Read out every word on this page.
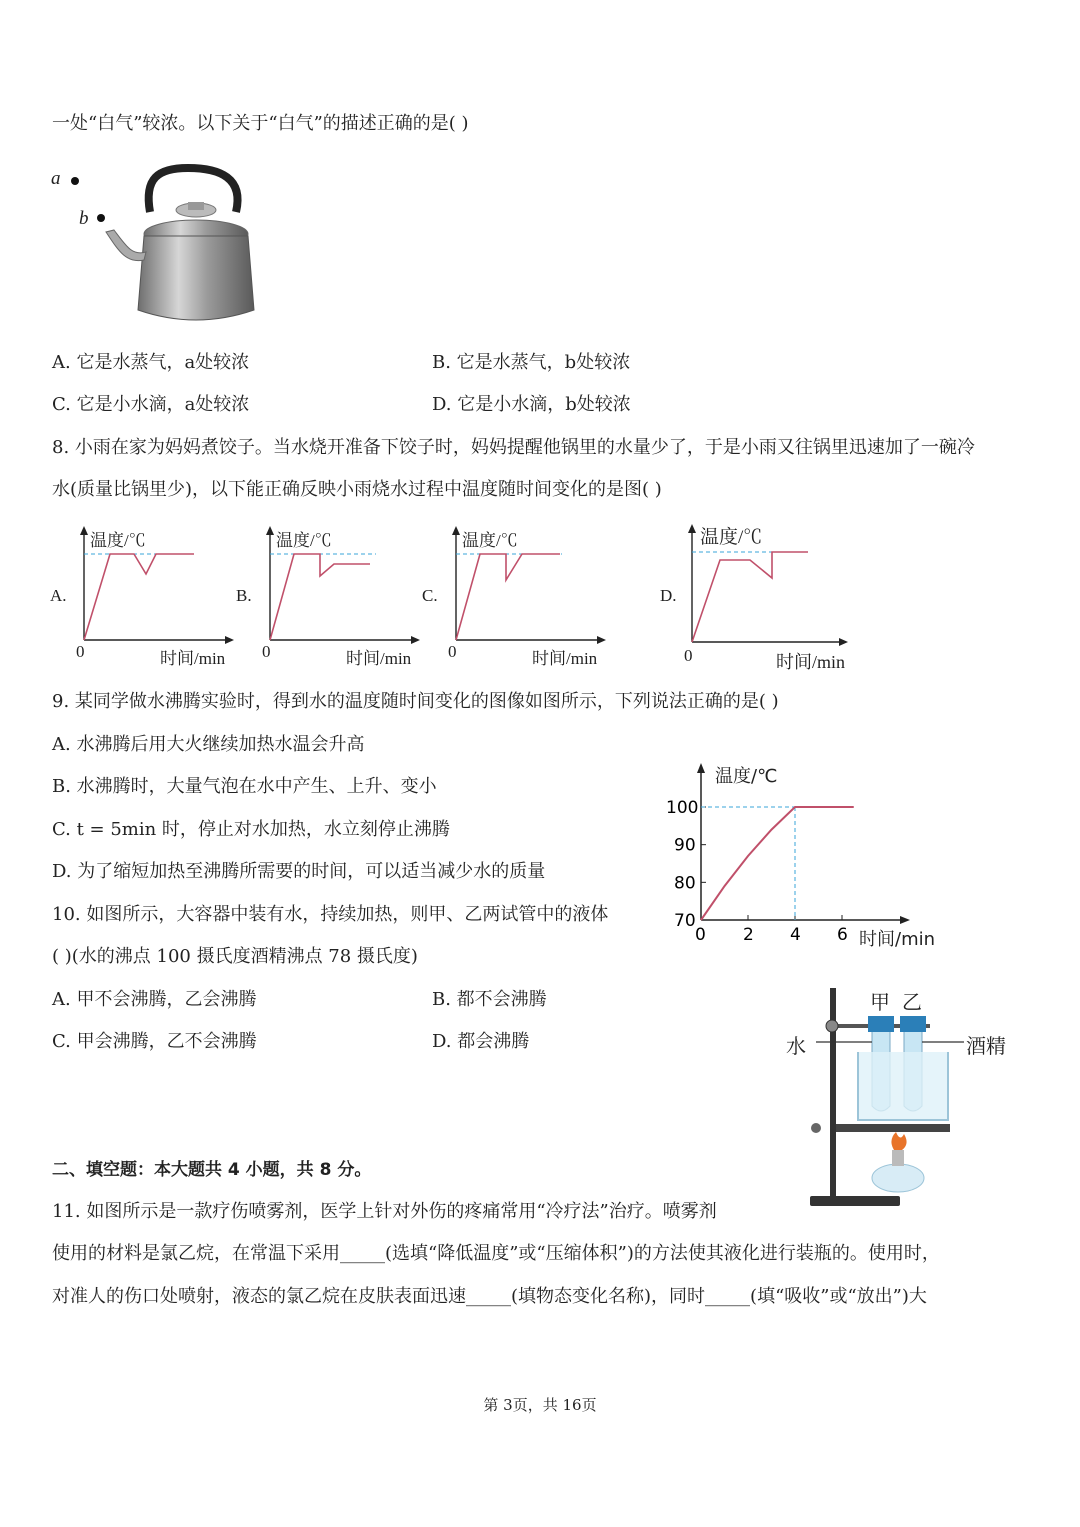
一处“白气”较浓。以下关于“白气”的描述正确的是( )
a
b
A. 它是水蒸气，a处较浓	B. 它是水蒸气，b处较浓
C. 它是小水滴，a处较浓	D. 它是小水滴，b处较浓
8. 小雨在家为妈妈煮饺子。当水烧开准备下饺子时，妈妈提醒他锅里的水量少了，于是小雨又往锅里迅速加了一碗冷
水(质量比锅里少)，以下能正确反映小雨烧水过程中温度随时间变化的是图( )
A.
温度/℃
0	时间/min
B.
温度/℃
0	时间/min
C.
温度/℃
0	时间/min
D.
温度/℃
0	时间/min
9. 某同学做水沸腾实验时，得到水的温度随时间变化的图像如图所示，下列说法正确的是( )
A. 水沸腾后用大火继续加热水温会升高
B. 水沸腾时，大量气泡在水中产生、上升、变小
C. t = 5min 时，停止对水加热，水立刻停止沸腾
D. 为了缩短加热至沸腾所需要的时间，可以适当减少水的质量
温度/℃
时间/min
0 2 4 6
70
80
90
100
10. 如图所示，大容器中装有水，持续加热，则甲、乙两试管中的液体
( )(水的沸点 100 摄氏度酒精沸点 78 摄氏度)
A. 甲不会沸腾，乙会沸腾	B. 都不会沸腾
C. 甲会沸腾，乙不会沸腾	D. 都会沸腾
甲 乙
水	酒精
二、填空题：本大题共 4 小题，共 8 分。
11. 如图所示是一款疗伤喷雾剂，医学上针对外伤的疼痛常用“冷疗法”治疗。喷雾剂
使用的材料是氯乙烷，在常温下采用_____(选填“降低温度”或“压缩体积”)的方法使其液化进行装瓶的。使用时，
对准人的伤口处喷射，液态的氯乙烷在皮肤表面迅速_____(填物态变化名称)，同时_____(填“吸收”或“放出”)大
第 3页，共 16页
